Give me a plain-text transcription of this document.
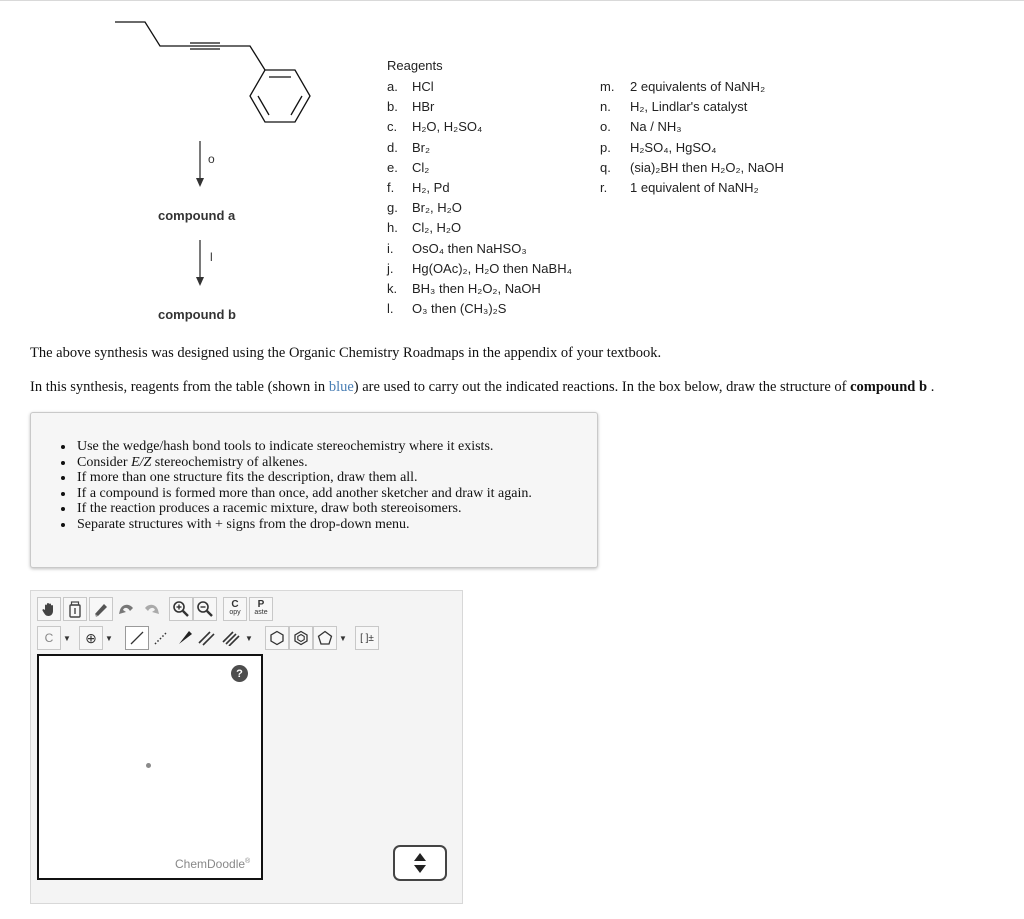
o
compound a
l
compound b
Reagents
a.	HCl
b.	HBr
c.	H₂O, H₂SO₄
d.	Br₂
e.	Cl₂
f.	H₂, Pd
g.	Br₂, H₂O
h.	Cl₂, H₂O
i.	OsO₄ then NaHSO₃
j.	Hg(OAc)₂, H₂O then NaBH₄
k.	BH₃ then H₂O₂, NaOH
l.	O₃ then (CH₃)₂S
m.	2 equivalents of NaNH₂
n.	H₂, Lindlar's catalyst
o.	Na / NH₃
p.	H₂SO₄, HgSO₄
q.	(sia)₂BH then H₂O₂, NaOH
r.	1 equivalent of NaNH₂
The above synthesis was designed using the Organic Chemistry Roadmaps in the appendix of your textbook.
In this synthesis, reagents from the table (shown in blue) are used to carry out the indicated reactions. In the box below, draw the structure of compound b .
• Use the wedge/hash bond tools to indicate stereochemistry where it exists.
• Consider E/Z stereochemistry of alkenes.
• If more than one structure fits the description, draw them all.
• If a compound is formed more than once, add another sketcher and draw it again.
• If the reaction produces a racemic mixture, draw both stereoisomers.
• Separate structures with + signs from the drop-down menu.
C
opy
P
aste
C	▼ ⊕ ▼	▼	▼	[ ]±
?
ChemDoodle®
